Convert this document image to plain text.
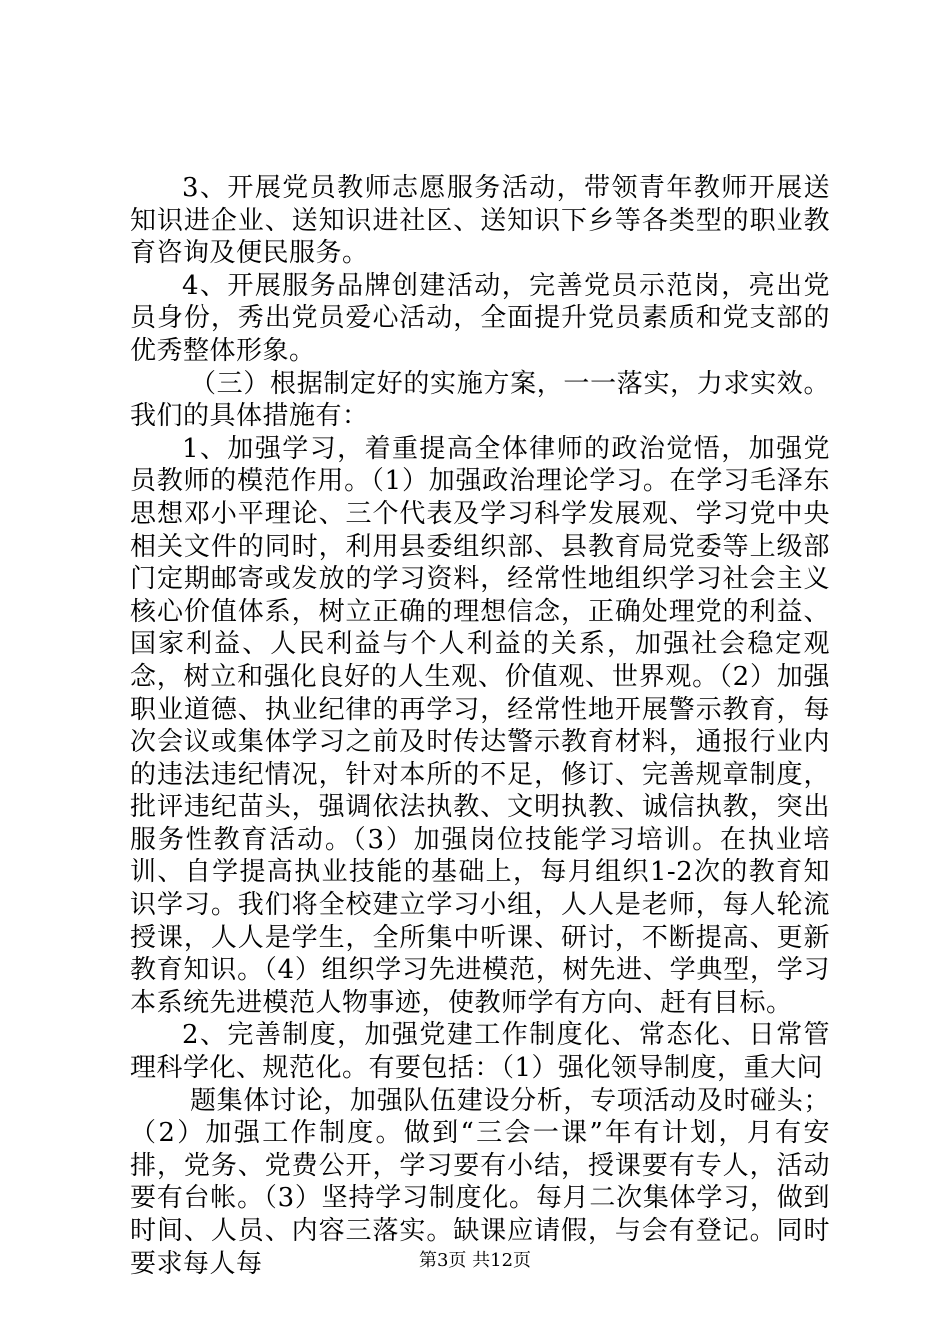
3、开展党员教师志愿服务活动，带领青年教师开展送知识进企业、送知识进社区、送知识下乡等各类型的职业教育咨询及便民服务。

4、开展服务品牌创建活动，完善党员示范岗，亮出党员身份，秀出党员爱心活动，全面提升党员素质和党支部的优秀整体形象。

（三）根据制定好的实施方案，一一落实，力求实效。我们的具体措施有：

1、加强学习，着重提高全体律师的政治觉悟，加强党员教师的模范作用。（1）加强政治理论学习。在学习毛泽东思想邓小平理论、三个代表及学习科学发展观、学习党中央相关文件的同时，利用县委组织部、县教育局党委等上级部门定期邮寄或发放的学习资料，经常性地组织学习社会主义核心价值体系，树立正确的理想信念，正确处理党的利益、国家利益、人民利益与个人利益的关系，加强社会稳定观念，树立和强化良好的人生观、价值观、世界观。（2）加强职业道德、执业纪律的再学习，经常性地开展警示教育，每次会议或集体学习之前及时传达警示教育材料，通报行业内的违法违纪情况，针对本所的不足，修订、完善规章制度，批评违纪苗头，强调依法执教、文明执教、诚信执教，突出服务性教育活动。（3）加强岗位技能学习培训。在执业培训、自学提高执业技能的基础上，每月组织1-2次的教育知识学习。我们将全校建立学习小组，人人是老师，每人轮流授课，人人是学生，全所集中听课、研讨，不断提高、更新教育知识。（4）组织学习先进模范，树先进、学典型，学习本系统先进模范人物事迹，使教师学有方向、赶有目标。

2、完善制度，加强党建工作制度化、常态化、日常管理科学化、规范化。有要包括：（1）强化领导制度，重大问

题集体讨论，加强队伍建设分析，专项活动及时碰头；（2）加强工作制度。做到“三会一课”年有计划，月有安排，党务、党费公开，学习要有小结，授课要有专人，活动要有台帐。（3）坚持学习制度化。每月二次集体学习，做到时间、人员、内容三落实。缺课应请假，与会有登记。同时要求每人每	第3页 共12页
